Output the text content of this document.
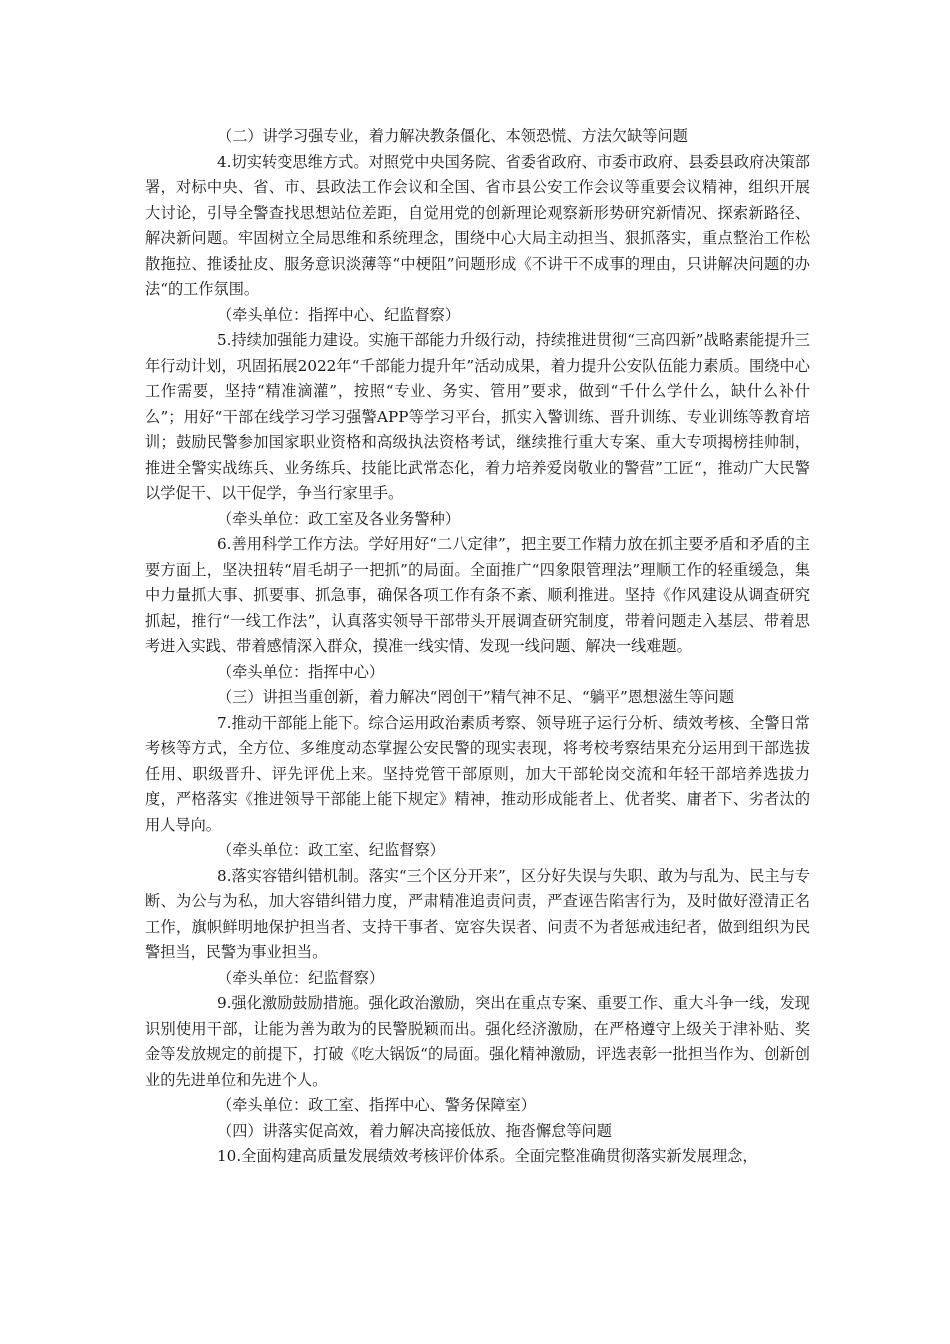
（二）讲学习强专业，着力解决教条僵化、本领恐慌、方法欠缺等问题

4.切实转变思维方式。对照党中央国务院、省委省政府、市委市政府、县委县政府决策部署，对标中央、省、市、县政法工作会议和全国、省市县公安工作会议等重要会议精神，组织开展大讨论，引导全警查找思想站位差距，自觉用党的创新理论观察新形势研究新情况、探索新路径、解决新问题。牢固树立全局思维和系统理念，围绕中心大局主动担当、狠抓落实，重点整治工作松散拖拉、推诿扯皮、服务意识淡薄等“中梗阻”问题形成《不讲干不成事的理由，只讲解决问题的办法“的工作氛围。

（牵头单位：指挥中心、纪监督察）

5.持续加强能力建设。实施干部能力升级行动，持续推进贯彻“三高四新”战略素能提升三年行动计划，巩固拓展2022年“千部能力提升年”活动成果，着力提升公安队伍能力素质。围绕中心工作需要，坚持“精准滴灌”，按照“专业、务实、管用”要求，做到“千什么学什么，缺什么补什么”；用好“干部在线学习学习强警APP等学习平台，抓实入警训练、晋升训练、专业训练等教育培训；鼓励民警参加国家职业资格和高级执法资格考试，继续推行重大专案、重大专项揭榜挂帅制，推进全警实战练兵、业务练兵、技能比武常态化，着力培养爱岗敬业的警营”工匠“，推动广大民警以学促干、以干促学，争当行家里手。

（牵头单位：政工室及各业务警种）

6.善用科学工作方法。学好用好“二八定律”，把主要工作精力放在抓主要矛盾和矛盾的主要方面上，坚决扭转“眉毛胡子一把抓”的局面。全面推广“四象限管理法”理顺工作的轻重缓急，集中力量抓大事、抓要事、抓急事，确保各项工作有条不紊、顺利推进。坚持《作风建设从调查研究抓起，推行“一线工作法”，认真落实领导干部带头开展调查研究制度，带着问题走入基层、带着思考进入实践、带着感情深入群众，摸准一线实情、发现一线问题、解决一线难题。

（牵头单位：指挥中心）

（三）讲担当重创新，着力解决“罔创干”精气神不足、“躺平”恩想滋生等问题

7.推动干部能上能下。综合运用政治素质考察、领导班子运行分析、绩效考核、全警日常考核等方式，全方位、多维度动态掌握公安民警的现实表现，将考校考察结果充分运用到干部选拔任用、职级晋升、评先评优上来。坚持党管干部原则，加大干部轮岗交流和年轻干部培养选拔力度，严格落实《推进领导干部能上能下规定》精神，推动形成能者上、优者奖、庸者下、劣者汰的用人导向。

（牵头单位：政工室、纪监督察）

8.落实容错纠错机制。落实“三个区分开来”，区分好失误与失职、敢为与乱为、民主与专断、为公与为私，加大容错纠错力度，严肃精准追责问责，严查诬告陷害行为，及时做好澄清正名工作，旗帜鲜明地保护担当者、支持干事者、宽容失误者、问责不为者惩戒违纪者，做到组织为民警担当，民警为事业担当。

（牵头单位：纪监督察）

9.强化激励鼓励措施。强化政治激励，突出在重点专案、重要工作、重大斗争一线，发现识别使用干部，让能为善为敢为的民警脱颖而出。强化经济激励，在严格遵守上级关于津补贴、奖金等发放规定的前提下，打破《吃大锅饭“的局面。强化精神激励，评选表彰一批担当作为、创新创业的先进单位和先进个人。

（牵头单位：政工室、指挥中心、警务保障室）

（四）讲落实促高效，着力解决高接低放、拖沓懈怠等问题

10.全面构建高质量发展绩效考核评价体系。全面完整准确贯彻落实新发展理念，
